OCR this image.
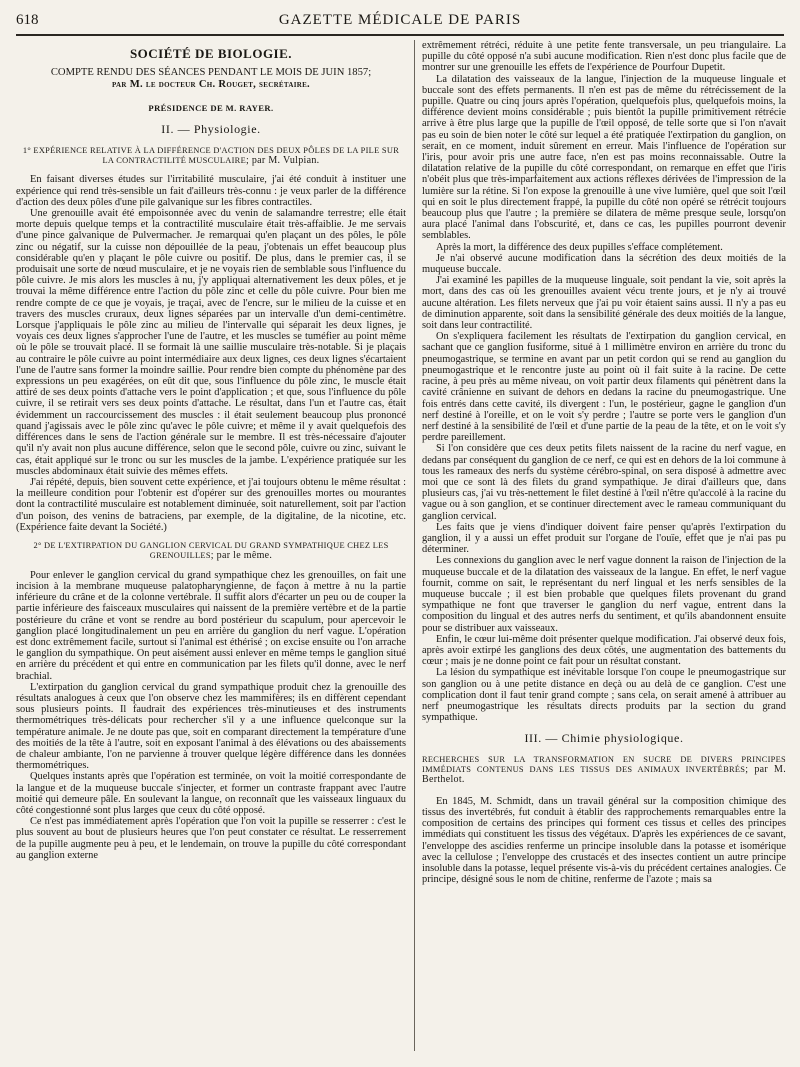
618	GAZETTE MÉDICALE DE PARIS
SOCIÉTÉ DE BIOLOGIE.
COMPTE RENDU DES SÉANCES PENDANT LE MOIS DE JUIN 1857;
par M. le docteur Ch. Rouget, secrétaire.
PRÉSIDENCE DE M. RAYER.
II. — Physiologie.
1° EXPÉRIENCE RELATIVE À LA DIFFÉRENCE D'ACTION DES DEUX PÔLES DE LA PILE SUR LA CONTRACTILITÉ MUSCULAIRE; par M. Vulpian.

En faisant diverses études sur l'irritabilité musculaire, j'ai été conduit à instituer une expérience qui rend très-sensible un fait d'ailleurs très-connu : je veux parler de la différence d'action des deux pôles d'une pile galvanique sur les fibres contractiles.

Une grenouille avait été empoisonnée avec du venin de salamandre terrestre; elle était morte depuis quelque temps et la contractilité musculaire était très-affaiblie. Je me servais d'une pince galvanique de Pulvermacher. Je remarquai qu'en plaçant un des pôles, le pôle zinc ou négatif, sur la cuisse non dépouillée de la peau, j'obtenais un effet beaucoup plus considérable qu'en y plaçant le pôle cuivre ou positif. De plus, dans le premier cas, il se produisait une sorte de nœud musculaire, et je ne voyais rien de semblable sous l'influence du pôle cuivre. Je mis alors les muscles à nu, j'y appliquai alternativement les deux pôles, et je trouvai la même différence entre l'action du pôle zinc et celle du pôle cuivre. Pour bien me rendre compte de ce que je voyais, je traçai, avec de l'encre, sur le milieu de la cuisse et en travers des muscles cruraux, deux lignes séparées par un intervalle d'un demi-centimètre. Lorsque j'appliquais le pôle zinc au milieu de l'intervalle qui séparait les deux lignes, je voyais ces deux lignes s'approcher l'une de l'autre, et les muscles se tuméfier au point même où le pôle se trouvait placé. Il se formait là une saillie musculaire très-notable. Si je plaçais au contraire le pôle cuivre au point intermédiaire aux deux lignes, ces deux lignes s'écartaient l'une de l'autre sans former la moindre saillie. Pour rendre bien compte du phénomène par des expressions un peu exagérées, on eût dit que, sous l'influence du pôle zinc, le muscle était attiré de ses deux points d'attache vers le point d'application ; et que, sous l'influence du pôle cuivre, il se retirait vers ses deux points d'attache. Le résultat, dans l'un et l'autre cas, était évidemment un raccourcissement des muscles : il était seulement beaucoup plus prononcé quand j'agissais avec le pôle zinc qu'avec le pôle cuivre; et même il y avait quelquefois des différences dans le sens de l'action générale sur le membre. Il est très-nécessaire d'ajouter qu'il n'y avait non plus aucune différence, selon que le second pôle, cuivre ou zinc, suivant le cas, était appliqué sur le tronc ou sur les muscles de la jambe. L'expérience pratiquée sur les muscles abdominaux était suivie des mêmes effets.

J'ai répété, depuis, bien souvent cette expérience, et j'ai toujours obtenu le même résultat : la meilleure condition pour l'obtenir est d'opérer sur des grenouilles mortes ou mourantes dont la contractilité musculaire est notablement diminuée, soit naturellement, soit par l'action d'un poison, des venins de batraciens, par exemple, de la digitaline, de la nicotine, etc. (Expérience faite devant la Société.)

2° DE L'EXTIRPATION DU GANGLION CERVICAL DU GRAND SYMPATHIQUE CHEZ LES GRENOUILLES; par le même.

Pour enlever le ganglion cervical du grand sympathique chez les grenouilles, on fait une incision à la membrane muqueuse palatopharyngienne, de façon à mettre à nu la partie inférieure du crâne et de la colonne vertébrale. Il suffit alors d'écarter un peu ou de couper la partie inférieure des faisceaux musculaires qui naissent de la première vertèbre et de la partie postérieure du crâne et vont se rendre au bord postérieur du scapulum, pour apercevoir le ganglion placé longitudinalement un peu en arrière du ganglion du nerf vague. L'opération est donc extrêmement facile, surtout si l'animal est éthérisé ; on excise ensuite ou l'on arrache le ganglion du sympathique. On peut aisément aussi enlever en même temps le ganglion situé en arrière du précédent et qui entre en communication par les filets qu'il donne, avec le nerf brachial.

L'extirpation du ganglion cervical du grand sympathique produit chez la grenouille des résultats analogues à ceux que l'on observe chez les mammifères; ils en diffèrent cependant sous plusieurs points. Il faudrait des expériences très-minutieuses et des instruments thermométriques très-délicats pour rechercher s'il y a une influence quelconque sur la température animale. Je ne doute pas que, soit en comparant directement la température d'une des moitiés de la tête à l'autre, soit en exposant l'animal à des élévations ou des abaissements de chaleur ambiante, l'on ne parvienne à trouver quelque légère différence dans les données thermométriques.

Quelques instants après que l'opération est terminée, on voit la moitié correspondante de la langue et de la muqueuse buccale s'injecter, et former un contraste frappant avec l'autre moitié qui demeure pâle. En soulevant la langue, on reconnaît que les vaisseaux linguaux du côté congestionné sont plus larges que ceux du côté opposé.

Ce n'est pas immédiatement après l'opération que l'on voit la pupille se resserrer : c'est le plus souvent au bout de plusieurs heures que l'on peut constater ce résultat. Le resserrement de la pupille augmente peu à peu, et le lendemain, on trouve la pupille du côté correspondant au ganglion externe

extrêmement rétréci, réduite à une petite fente transversale, un peu triangulaire. La pupille du côté opposé n'a subi aucune modification. Rien n'est donc plus facile que de montrer sur une grenouille les effets de l'expérience de Pourfour Dupetit.

La dilatation des vaisseaux de la langue, l'injection de la muqueuse linguale et buccale sont des effets permanents. Il n'en est pas de même du rétrécissement de la pupille. Quatre ou cinq jours après l'opération, quelquefois plus, quelquefois moins, la différence devient moins considérable ; puis bientôt la pupille primitivement rétrécie arrive à être plus large que la pupille de l'œil opposé, de telle sorte que si l'on n'avait pas eu soin de bien noter le côté sur lequel a été pratiquée l'extirpation du ganglion, on serait, en ce moment, induit sûrement en erreur. Mais l'influence de l'opération sur l'iris, pour avoir pris une autre face, n'en est pas moins reconnaissable. Outre la dilatation relative de la pupille du côté correspondant, on remarque en effet que l'iris n'obéit plus que très-imparfaitement aux actions réflexes dérivées de l'impression de la lumière sur la rétine. Si l'on expose la grenouille à une vive lumière, quel que soit l'œil qui en soit le plus directement frappé, la pupille du côté non opéré se rétrécit toujours beaucoup plus que l'autre ; la première se dilatera de même presque seule, lorsqu'on aura placé l'animal dans l'obscurité, et, dans ce cas, les pupilles pourront devenir semblables.

Après la mort, la différence des deux pupilles s'efface complétement.

Je n'ai observé aucune modification dans la sécrétion des deux moitiés de la muqueuse buccale.

J'ai examiné les papilles de la muqueuse linguale, soit pendant la vie, soit après la mort, dans des cas où les grenouilles avaient vécu trente jours, et je n'y ai trouvé aucune altération. Les filets nerveux que j'ai pu voir étaient sains aussi. Il n'y a pas eu de diminution apparente, soit dans la sensibilité générale des deux moitiés de la langue, soit dans leur contractilité.

On s'expliquera facilement les résultats de l'extirpation du ganglion cervical, en sachant que ce ganglion fusiforme, situé à 1 millimètre environ en arrière du tronc du pneumogastrique, se termine en avant par un petit cordon qui se rend au ganglion du pneumogastrique et le rencontre juste au point où il fait suite à la racine. De cette racine, à peu près au même niveau, on voit partir deux filaments qui pénètrent dans la cavité crânienne en suivant de dehors en dedans la racine du pneumogastrique. Une fois entrés dans cette cavité, ils divergent : l'un, le postérieur, gagne le ganglion d'un nerf destiné à l'oreille, et on le voit s'y perdre ; l'autre se porte vers le ganglion d'un nerf destiné à la sensibilité de l'œil et d'une partie de la peau de la tête, et on le voit s'y perdre pareillement.

Si l'on considère que ces deux petits filets naissent de la racine du nerf vague, en dedans par conséquent du ganglion de ce nerf, ce qui est en dehors de la loi commune à tous les rameaux des nerfs du système cérébro-spinal, on sera disposé à admettre avec moi que ce sont là des filets du grand sympathique. Je dirai d'ailleurs que, dans plusieurs cas, j'ai vu très-nettement le filet destiné à l'œil n'être qu'accolé à la racine du vague ou à son ganglion, et se continuer directement avec le rameau communiquant du ganglion cervical.

Les faits que je viens d'indiquer doivent faire penser qu'après l'extirpation du ganglion, il y a aussi un effet produit sur l'organe de l'ouïe, effet que je n'ai pas pu déterminer.

Les connexions du ganglion avec le nerf vague donnent la raison de l'injection de la muqueuse buccale et de la dilatation des vaisseaux de la langue. En effet, le nerf vague fournit, comme on sait, le représentant du nerf lingual et les nerfs sensibles de la muqueuse buccale ; il est bien probable que quelques filets provenant du grand sympathique ne font que traverser le ganglion du nerf vague, entrent dans la composition du lingual et des autres nerfs du sentiment, et qu'ils abandonnent ensuite pour se distribuer aux vaisseaux.

Enfin, le cœur lui-même doit présenter quelque modification. J'ai observé deux fois, après avoir extirpé les ganglions des deux côtés, une augmentation des battements du cœur ; mais je ne donne point ce fait pour un résultat constant.

La lésion du sympathique est inévitable lorsque l'on coupe le pneumogastrique sur son ganglion ou à une petite distance en deçà ou au delà de ce ganglion. C'est une complication dont il faut tenir grand compte ; sans cela, on serait amené à attribuer au nerf pneumogastrique les résultats directs produits par la section du grand sympathique.

III. — Chimie physiologique.
RECHERCHES SUR LA TRANSFORMATION EN SUCRE DE DIVERS PRINCIPES IMMÉDIATS CONTENUS DANS LES TISSUS DES ANIMAUX INVERTÉBRÉS; par M. Berthelot.

En 1845, M. Schmidt, dans un travail général sur la composition chimique des tissus des invertébrés, fut conduit à établir des rapprochements remarquables entre la composition de certains des principes qui forment ces tissus et celles des principes immédiats qui constituent les tissus des végétaux. D'après les expériences de ce savant, l'enveloppe des ascidies renferme un principe insoluble dans la potasse et isomérique avec la cellulose ; l'enveloppe des crustacés et des insectes contient un autre principe insoluble dans la potasse, lequel présente vis-à-vis du précédent certaines analogies. Ce principe, désigné sous le nom de chitine, renferme de l'azote ; mais sa
